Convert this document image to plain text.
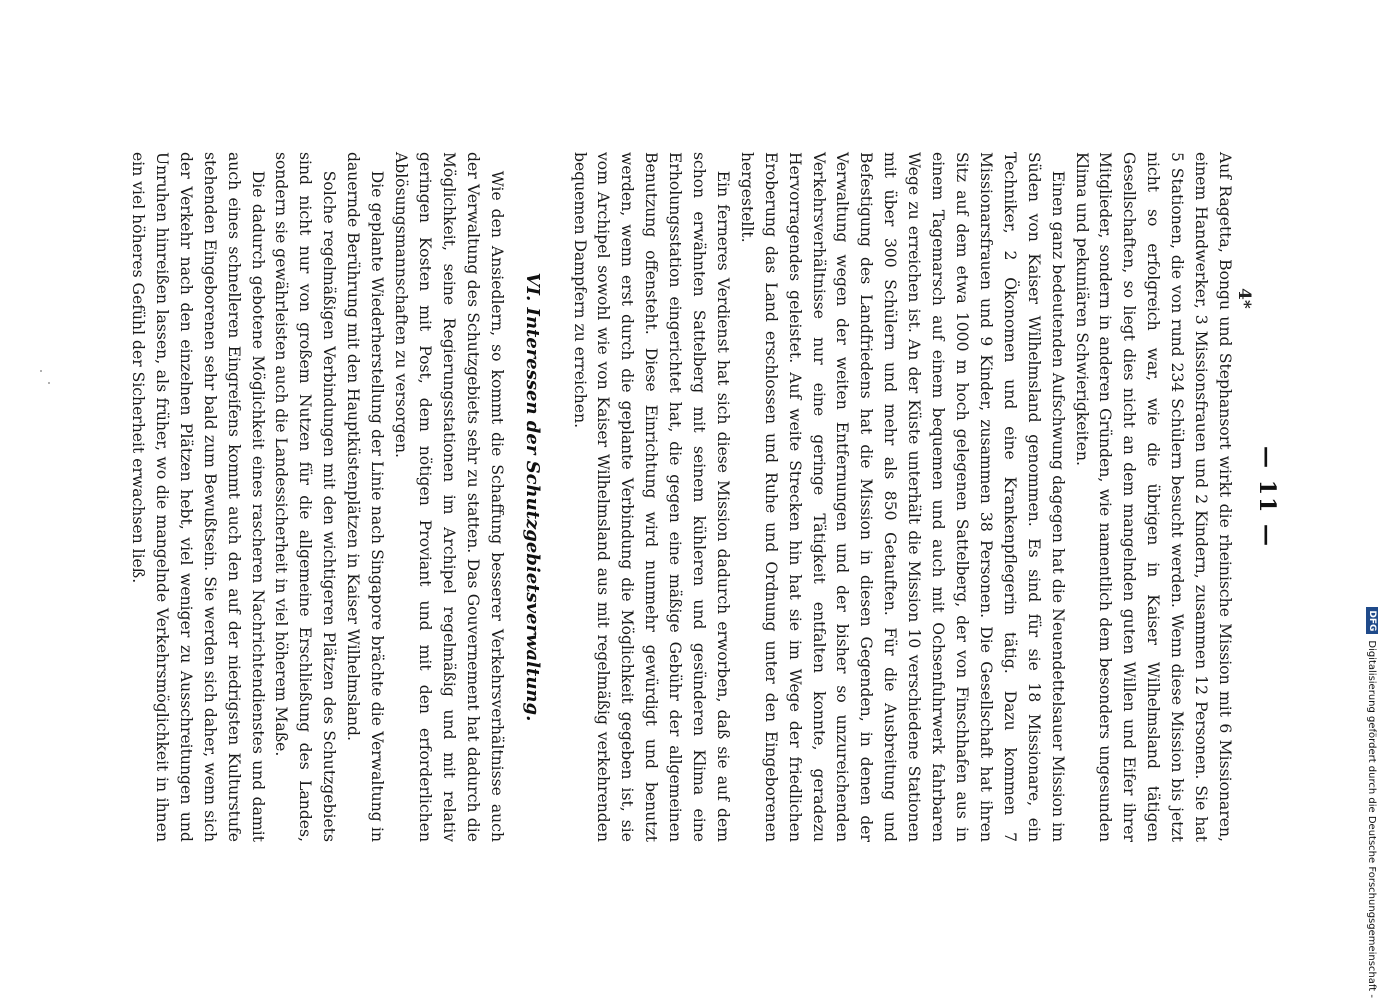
— 11 —

Auf Ragetta, Bongu und Stephansort wirkt die rheinische Mission mit 6 Missionaren, einem Handwerker, 3 Missionsfrauen und 2 Kindern, zusammen 12 Personen. Sie hat 5 Stationen, die von rund 234 Schülern besucht werden. Wenn diese Mission bis jetzt nicht so erfolgreich war, wie die übrigen in Kaiser Wilhelmsland tätigen Gesellschaften, so liegt dies nicht an dem mangelnden guten Willen und Eifer ihrer Mitglieder, sondern in anderen Gründen, wie namentlich dem besonders ungesunden Klima und pekuniären Schwierigkeiten.

Einen ganz bedeutenden Aufschwung dagegen hat die Neuendettelsauer Mission im Süden von Kaiser Wilhelmsland genommen. Es sind für sie 18 Missionare, ein Techniker, 2 Ökonomen und eine Krankenpflegerin tätig. Dazu kommen 7 Missionarsfrauen und 9 Kinder, zusammen 38 Personen. Die Gesellschaft hat ihren Sitz auf dem etwa 1000 m hoch gelegenen Sattelberg, der von Finschhafen aus in einem Tagemarsch auf einem bequemen und auch mit Ochsenfuhrwerk fahrbaren Wege zu erreichen ist. An der Küste unterhält die Mission 10 verschiedene Stationen mit über 300 Schülern und mehr als 850 Getauften. Für die Ausbreitung und Befestigung des Landfriedens hat die Mission in diesen Gegenden, in denen der Verwaltung wegen der weiten Entfernungen und der bisher so unzureichenden Verkehrsverhältnisse nur eine geringe Tätigkeit entfalten konnte, geradezu Hervorragendes geleistet. Auf weite Strecken hin hat sie im Wege der friedlichen Eroberung das Land erschlossen und Ruhe und Ordnung unter den Eingeborenen hergestellt.

Ein ferneres Verdienst hat sich diese Mission dadurch erworben, daß sie auf dem schon erwähnten Sattelberg mit seinem kühleren und gesünderen Klima eine Erholungsstation eingerichtet hat, die gegen eine mäßige Gebühr der allgemeinen Benutzung offensteht. Diese Einrichtung wird nunmehr gewürdigt und benutzt werden, wenn erst durch die geplante Verbindung die Möglichkeit gegeben ist, sie vom Archipel sowohl wie von Kaiser Wilhelmsland aus mit regelmäßig verkehrenden bequemen Dampfern zu erreichen.

VI. Interessen der Schutzgebietsverwaltung.

Wie den Ansiedlern, so kommt die Schaffung besserer Verkehrsverhältnisse auch der Verwaltung des Schutzgebiets sehr zu statten. Das Gouvernement hat dadurch die Möglichkeit, seine Regierungsstationen im Archipel regelmäßig und mit relativ geringen Kosten mit Post, dem nötigen Proviant und mit den erforderlichen Ablösungsmannschaften zu versorgen.

Die geplante Wiederherstellung der Linie nach Singapore brächte die Verwaltung in dauernde Berührung mit den Hauptküstenplätzen in Kaiser Wilhelmsland.

Solche regelmäßigen Verbindungen mit den wichtigeren Plätzen des Schutzgebiets sind nicht nur von großem Nutzen für die allgemeine Erschließung des Landes, sondern sie gewährleisten auch die Landessicherheit in viel höherem Maße.

Die dadurch gebotene Möglichkeit eines rascheren Nachrichtendienstes und damit auch eines schnelleren Eingreifens kommt auch den auf der niedrigsten Kulturstufe stehenden Eingeborenen sehr bald zum Bewußtsein. Sie werden sich daher, wenn sich der Verkehr nach den einzelnen Plätzen hebt, viel weniger zu Ausschreitungen und Unruhen hinreißen lassen, als früher, wo die mangelnde Verkehrsmöglichkeit in ihnen ein viel höheres Gefühl der Sicherheit erwachsen ließ.	4*
DFG
Digitalisierung gefördert durch die Deutsche Forschungsgemeinschaft -
